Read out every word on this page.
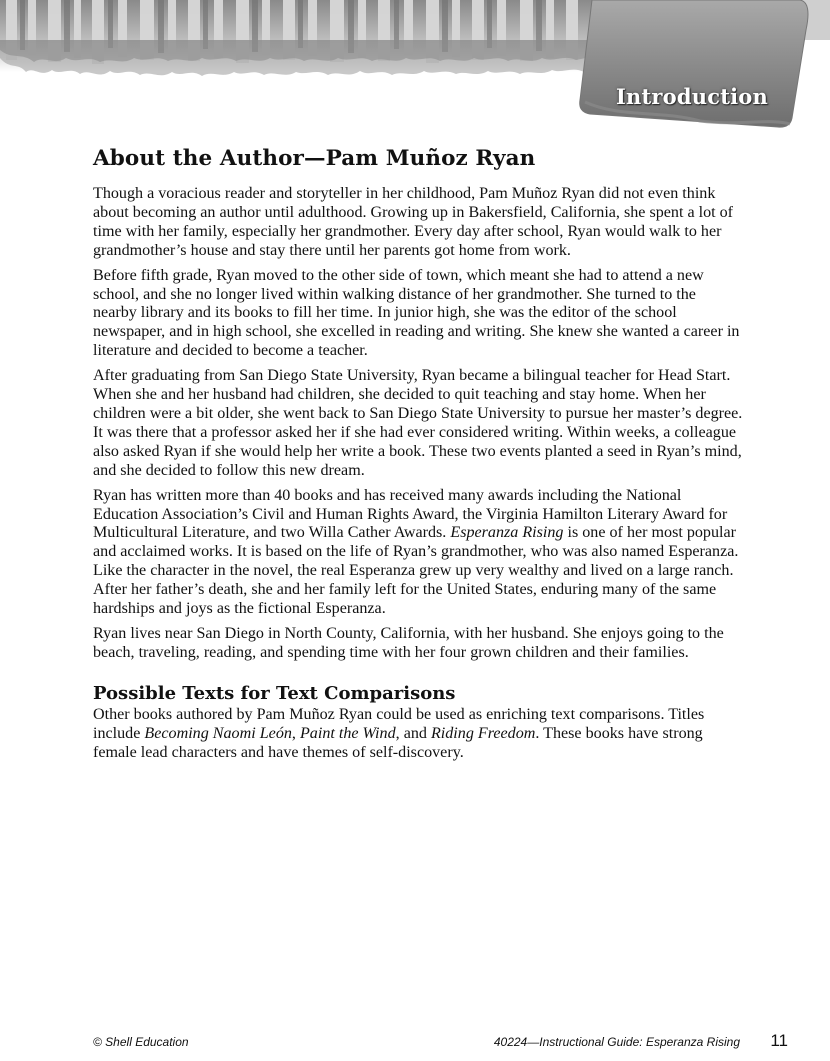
Introduction
About the Author—Pam Muñoz Ryan

Though a voracious reader and storyteller in her childhood, Pam Muñoz Ryan did not even think about becoming an author until adulthood. Growing up in Bakersfield, California, she spent a lot of time with her family, especially her grandmother. Every day after school, Ryan would walk to her grandmother’s house and stay there until her parents got home from work.

Before fifth grade, Ryan moved to the other side of town, which meant she had to attend a new school, and she no longer lived within walking distance of her grandmother. She turned to the nearby library and its books to fill her time. In junior high, she was the editor of the school newspaper, and in high school, she excelled in reading and writing. She knew she wanted a career in literature and decided to become a teacher.

After graduating from San Diego State University, Ryan became a bilingual teacher for Head Start. When she and her husband had children, she decided to quit teaching and stay home. When her children were a bit older, she went back to San Diego State University to pursue her master’s degree. It was there that a professor asked her if she had ever considered writing. Within weeks, a colleague also asked Ryan if she would help her write a book. These two events planted a seed in Ryan’s mind, and she decided to follow this new dream.

Ryan has written more than 40 books and has received many awards including the National Education Association’s Civil and Human Rights Award, the Virginia Hamilton Literary Award for Multicultural Literature, and two Willa Cather Awards. Esperanza Rising is one of her most popular and acclaimed works. It is based on the life of Ryan’s grandmother, who was also named Esperanza. Like the character in the novel, the real Esperanza grew up very wealthy and lived on a large ranch. After her father’s death, she and her family left for the United States, enduring many of the same hardships and joys as the fictional Esperanza.

Ryan lives near San Diego in North County, California, with her husband. She enjoys going to the beach, traveling, reading, and spending time with her four grown children and their families.

Possible Texts for Text Comparisons

Other books authored by Pam Muñoz Ryan could be used as enriching text comparisons. Titles include Becoming Naomi León, Paint the Wind, and Riding Freedom. These books have strong female lead characters and have themes of self-discovery.

© Shell Education	40224—Instructional Guide: Esperanza Rising	11
